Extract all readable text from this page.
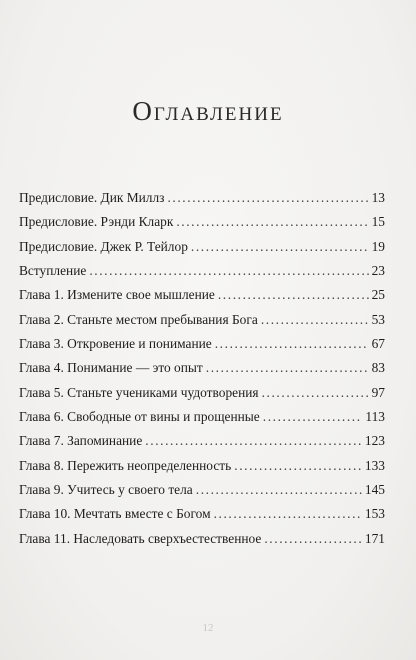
Оглавление
Предисловие. Дик Миллз .....	13
Предисловие. Рэнди Кларк .....	15
Предисловие. Джек Р. Тейлор .....	19
Вступление .....	23
Глава 1. Измените свое мышление .....	25
Глава 2. Станьте местом пребывания Бога .....	53
Глава 3. Откровение и понимание .....	67
Глава 4. Понимание — это опыт .....	83
Глава 5. Станьте учениками чудотворения .....	97
Глава 6. Свободные от вины и прощенные .....	113
Глава 7. Запоминание .....	123
Глава 8. Пережить неопределенность .....	133
Глава 9. Учитесь у своего тела .....	145
Глава 10. Мечтать вместе с Богом .....	153
Глава 11. Наследовать сверхъестественное .....	171
12
